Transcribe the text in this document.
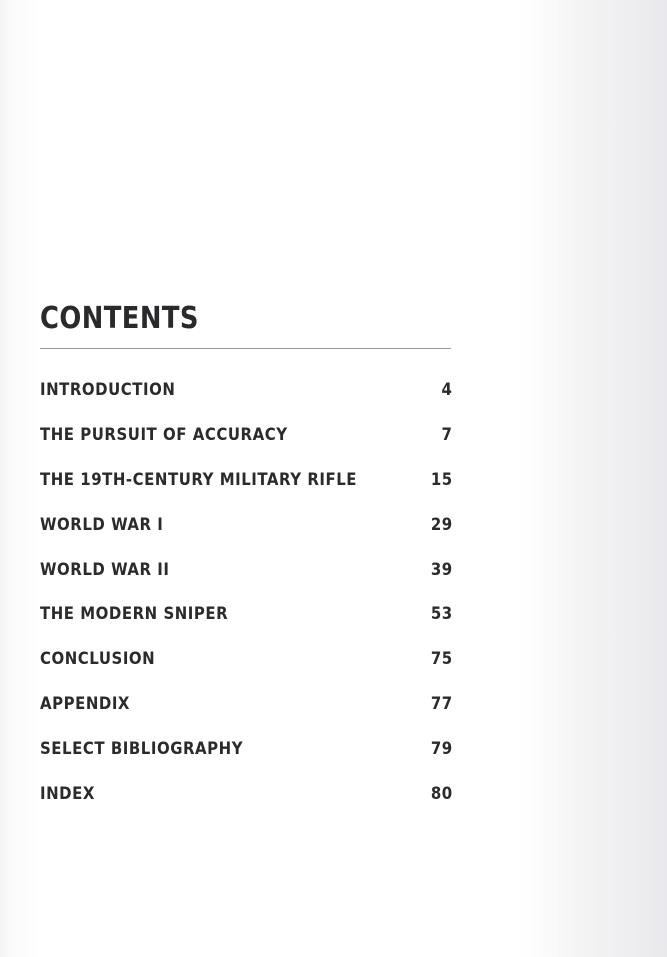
CONTENTS
INTRODUCTION	4
THE PURSUIT OF ACCURACY	7
THE 19TH-CENTURY MILITARY RIFLE	15
WORLD WAR I	29
WORLD WAR II	39
THE MODERN SNIPER	53
CONCLUSION	75
APPENDIX	77
SELECT BIBLIOGRAPHY	79
INDEX	80
